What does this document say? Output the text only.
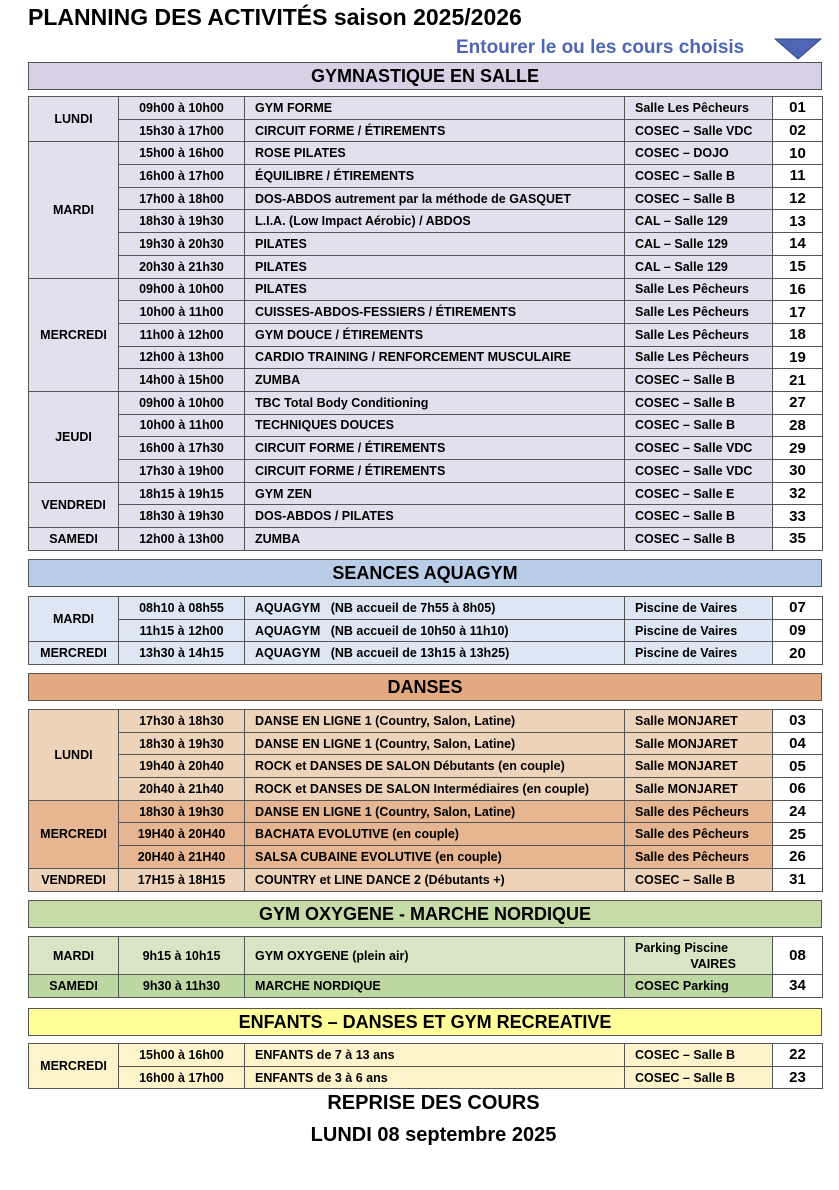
PLANNING DES ACTIVITÉS saison 2025/2026
Entourer le ou les cours choisis
GYMNASTIQUE EN SALLE
LUNDI	09h00 à 10h00	GYM FORME	Salle Les Pêcheurs	01
	15h30 à 17h00	CIRCUIT FORME / ÉTIREMENTS	COSEC – Salle VDC	02
MARDI	15h00 à 16h00	ROSE PILATES	COSEC – DOJO	10
	16h00 à 17h00	ÉQUILIBRE / ÉTIREMENTS	COSEC – Salle B	11
	17h00 à 18h00	DOS-ABDOS autrement par la méthode de GASQUET	COSEC – Salle B	12
	18h30 à 19h30	L.I.A. (Low Impact Aérobic) / ABDOS	CAL – Salle 129	13
	19h30 à 20h30	PILATES	CAL – Salle 129	14
	20h30 à 21h30	PILATES	CAL – Salle 129	15
MERCREDI	09h00 à 10h00	PILATES	Salle Les Pêcheurs	16
	10h00 à 11h00	CUISSES-ABDOS-FESSIERS / ÉTIREMENTS	Salle Les Pêcheurs	17
	11h00 à 12h00	GYM DOUCE / ÉTIREMENTS	Salle Les Pêcheurs	18
	12h00 à 13h00	CARDIO TRAINING / RENFORCEMENT MUSCULAIRE	Salle Les Pêcheurs	19
	14h00 à 15h00	ZUMBA	COSEC – Salle B	21
JEUDI	09h00 à 10h00	TBC Total Body Conditioning	COSEC – Salle B	27
	10h00 à 11h00	TECHNIQUES DOUCES	COSEC – Salle B	28
	16h00 à 17h30	CIRCUIT FORME / ÉTIREMENTS	COSEC – Salle VDC	29
	17h30 à 19h00	CIRCUIT FORME / ÉTIREMENTS	COSEC – Salle VDC	30
VENDREDI	18h15 à 19h15	GYM ZEN	COSEC – Salle E	32
	18h30 à 19h30	DOS-ABDOS / PILATES	COSEC – Salle B	33
SAMEDI	12h00 à 13h00	ZUMBA	COSEC – Salle B	35
SEANCES AQUAGYM
MARDI	08h10 à 08h55	AQUAGYM   (NB accueil de 7h55 à 8h05)	Piscine de Vaires	07
	11h15 à 12h00	AQUAGYM   (NB accueil de 10h50 à 11h10)	Piscine de Vaires	09
MERCREDI	13h30 à 14h15	AQUAGYM   (NB accueil de 13h15 à 13h25)	Piscine de Vaires	20
DANSES
LUNDI	17h30 à 18h30	DANSE EN LIGNE 1 (Country, Salon, Latine)	Salle MONJARET	03
	18h30 à 19h30	DANSE EN LIGNE 1 (Country, Salon, Latine)	Salle MONJARET	04
	19h40 à 20h40	ROCK et DANSES DE SALON Débutants (en couple)	Salle MONJARET	05
	20h40 à 21h40	ROCK et DANSES DE SALON Intermédiaires (en couple)	Salle MONJARET	06
MERCREDI	18h30 à 19h30	DANSE EN LIGNE 1 (Country, Salon, Latine)	Salle des Pêcheurs	24
	19H40 à 20H40	BACHATA EVOLUTIVE (en couple)	Salle des Pêcheurs	25
	20H40 à 21H40	SALSA CUBAINE EVOLUTIVE (en couple)	Salle des Pêcheurs	26
VENDREDI	17H15 à 18H15	COUNTRY et LINE DANCE 2 (Débutants +)	COSEC – Salle B	31
GYM OXYGENE - MARCHE NORDIQUE
MARDI	9h15 à 10h15	GYM OXYGENE (plein air)	Parking Piscine
VAIRES	08
SAMEDI	9h30 à 11h30	MARCHE NORDIQUE	COSEC Parking	34
ENFANTS – DANSES ET GYM RECREATIVE
MERCREDI	15h00 à 16h00	ENFANTS de 7 à 13 ans	COSEC – Salle B	22
	16h00 à 17h00	ENFANTS de 3 à 6 ans	COSEC – Salle B	23
REPRISE DES COURS
LUNDI 08 septembre 2025
